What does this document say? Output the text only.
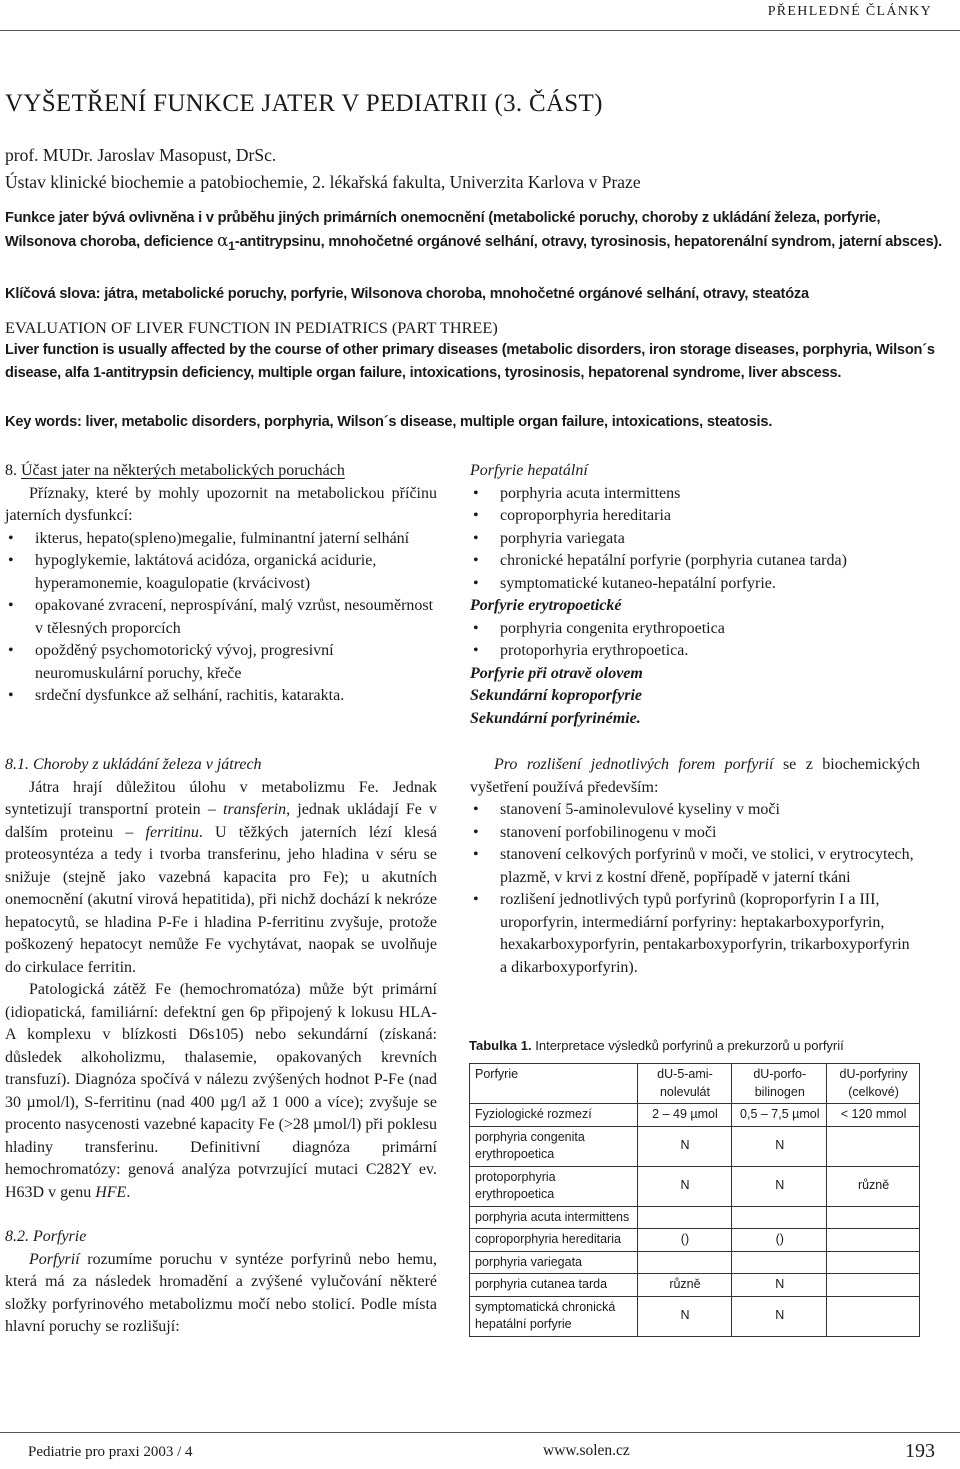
PŘEHLEDNÉ ČLÁNKY
VYŠETŘENÍ FUNKCE JATER V PEDIATRII (3. ČÁST)
prof. MUDr. Jaroslav Masopust, DrSc.
Ústav klinické biochemie a patobiochemie, 2. lékařská fakulta, Univerzita Karlova v Praze
Funkce jater bývá ovlivněna i v průběhu jiných primárních onemocnění (metabolické poruchy, choroby z ukládání železa, porfyrie, Wilsonova choroba, deficience $\alpha_1$-antitrypsinu, mnohočetné orgánové selhání, otravy, tyrosinosis, hepatorenální syndrom, jaterní absces).
Klíčová slova: játra, metabolické poruchy, porfyrie, Wilsonova choroba, mnohočetné orgánové selhání, otravy, steatóza
EVALUATION OF LIVER FUNCTION IN PEDIATRICS (PART THREE)
Liver function is usually affected by the course of other primary diseases (metabolic disorders, iron storage diseases, porphyria, Wilson´s disease, alfa 1-antitrypsin deficiency, multiple organ failure, intoxications, tyrosinosis, hepatorenal syndrome, liver abscess.
Key words: liver, metabolic disorders, porphyria, Wilson´s disease, multiple organ failure, intoxications, steatosis.

8. Účast jater na některých metabolických poruchách

Příznaky, které by mohly upozornit na metabolickou příčinu jaterních dysfunkcí:

• ikterus, hepato(spleno)megalie, fulminantní jaterní selhání
• hypoglykemie, laktátová acidóza, organická acidurie, hyperamonemie, koagulopatie (krvácivost)
• opakované zvracení, neprospívání, malý vzrůst, nesouměrnost v tělesných proporcích
• opožděný psychomotorický vývoj, progresivní neuromuskulární poruchy, křeče
• srdeční dysfunkce až selhání, rachitis, katarakta.

8.1. Choroby z ukládání železa v játrech

Játra hrají důležitou úlohu v metabolizmu Fe. Jednak syntetizují transportní protein – transferin, jednak ukládají Fe v dalším proteinu – ferritinu. U těžkých jaterních lézí klesá proteosyntéza a tedy i tvorba transferinu, jeho hladina v séru se snižuje (stejně jako vazebná kapacita pro Fe); u akutních onemocnění (akutní virová hepatitida), při nichž dochází k nekróze hepatocytů, se hladina P-Fe i hladina P-ferritinu zvyšuje, protože poškozený hepatocyt nemůže Fe vychytávat, naopak se uvolňuje do cirkulace ferritin.

Patologická zátěž Fe (hemochromatóza) může být primární (idiopatická, familiární: defektní gen 6p připojený k lokusu HLA-A komplexu v blízkosti D6s105) nebo sekundární (získaná: důsledek alkoholizmu, thalasemie, opakovaných krevních transfuzí). Diagnóza spočívá v nálezu zvýšených hodnot P-Fe (nad 30 µmol/l), S-ferritinu (nad 400 µg/l až 1 000 a více); zvyšuje se procento nasycenosti vazebné kapacity Fe (>28 µmol/l) při poklesu hladiny transferinu. Definitivní diagnóza primární hemochromatózy: genová analýza potvrzující mutaci C282Y ev. H63D v genu HFE.

8.2. Porfyrie

Porfyrií rozumíme poruchu v syntéze porfyrinů nebo hemu, která má za následek hromadění a zvýšené vylučování některé složky porfyrinového metabolizmu močí nebo stolicí. Podle místa hlavní poruchy se rozlišují:

Porfyrie hepatální

• porphyria acuta intermittens
• coproporphyria hereditaria
• porphyria variegata
• chronické hepatální porfyrie (porphyria cutanea tarda)
• symptomatické kutaneo-hepatální porfyrie.

Porfyrie erytropoetické

• porphyria congenita erythropoetica
• protoporhyria erythropoetica.

Porfyrie při otravě olovem

Sekundární koproporfyrie

Sekundární porfyrinémie.

Pro rozlišení jednotlivých forem porfyrií se z biochemických vyšetření používá především:

• stanovení 5-aminolevulové kyseliny v moči
• stanovení porfobilinogenu v moči
• stanovení celkových porfyrinů v moči, ve stolici, v erytrocytech, plazmě, v krvi z kostní dřeně, popřípadě v jaterní tkáni
• rozlišení jednotlivých typů porfyrinů (koproporfyrin I a III, uroporfyrin, intermediární porfyriny: heptakarboxyporfyrin, hexakarboxyporfyrin, pentakarboxyporfyrin, trikarboxyporfyrin a dikarboxyporfyrin).
Tabulka 1. Interpretace výsledků porfyrinů a prekurzorů u porfyrií
Porfyrie	dU-5-ami-nolevulát	dU-porfo-bilinogen	dU-porfyriny (celkové)
Fyziologické rozmezí	2 – 49 µmol	0,5 – 7,5 µmol	< 120 mmol
porphyria congenita erythropoetica	N	N	
protoporphyria erythropoetica	N	N	různě
porphyria acuta intermittens			
coproporphyria hereditaria	()	()	
porphyria variegata			
porphyria cutanea tarda	různě	N	
symptomatická chronická hepatální porfyrie	N	N	
Pediatrie pro praxi 2003 / 4	www.solen.cz	193
